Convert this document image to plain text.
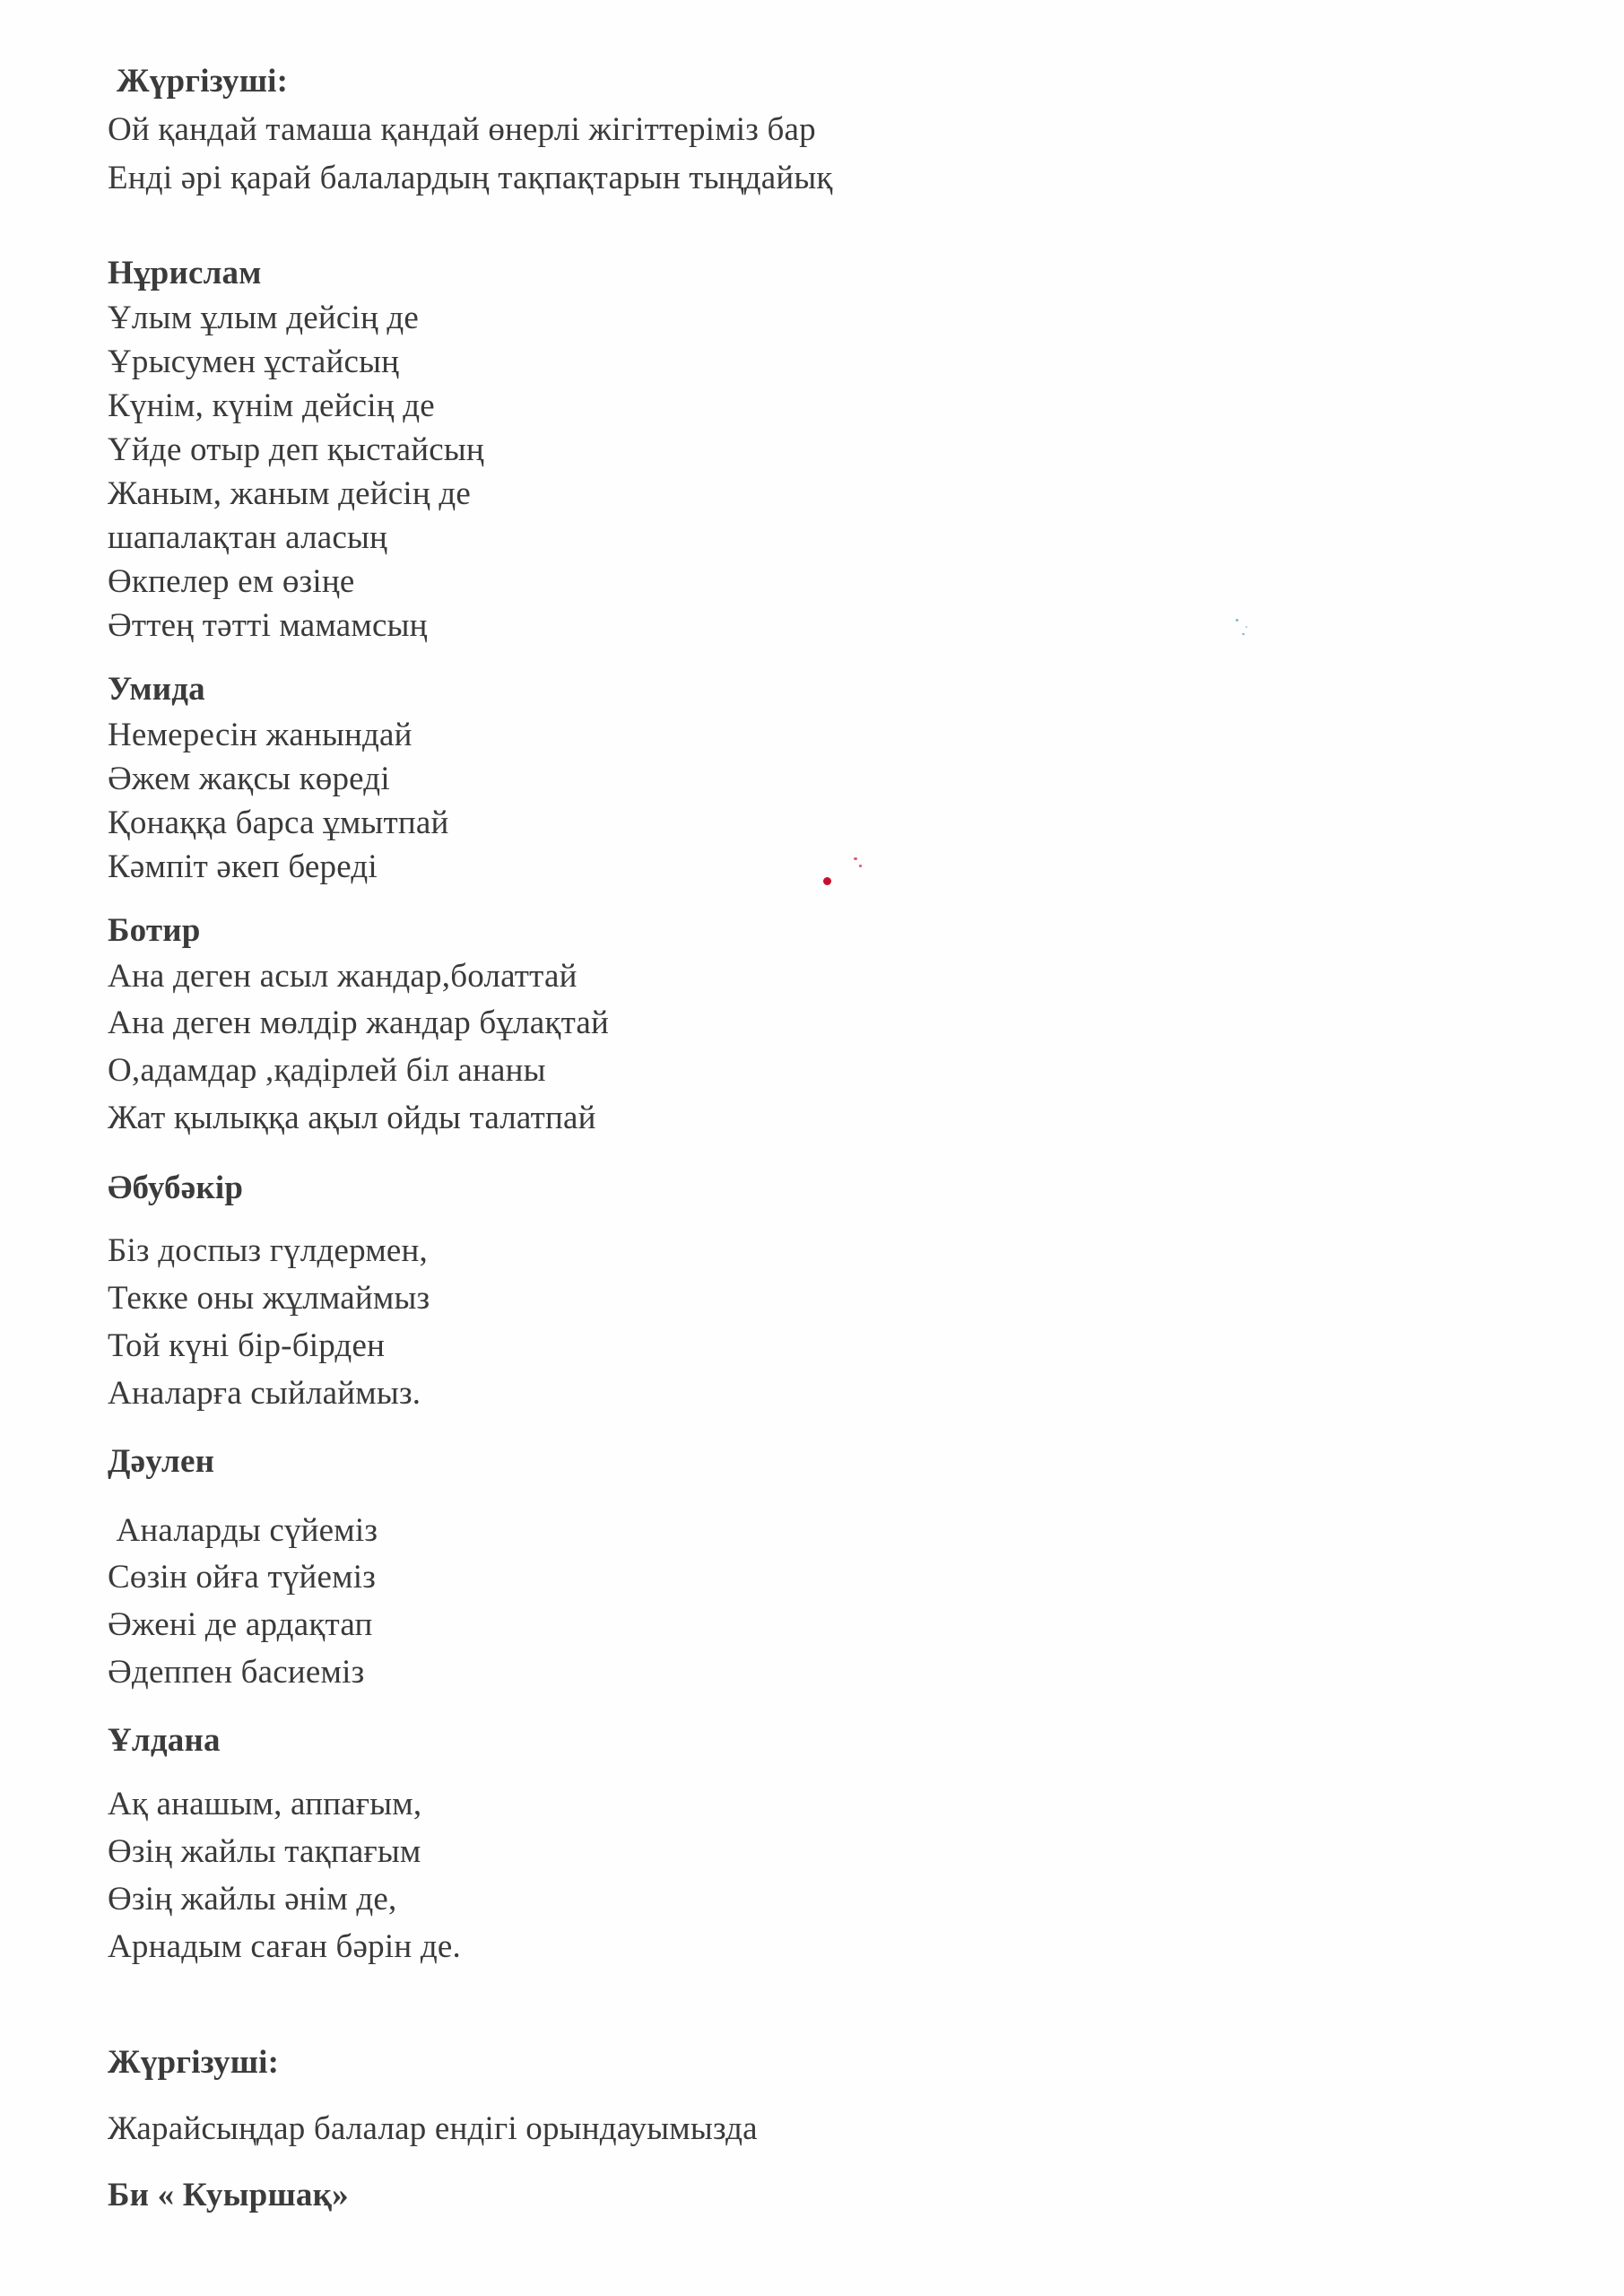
Жүргізуші:
Ой қандай тамаша қандай өнерлі жігіттеріміз бар
Енді әрі қарай балалардың тақпақтарын тыңдайық
Нұрислам
Ұлым ұлым дейсің де
Ұрысумен ұстайсың
Күнім, күнім дейсің де
Үйде отыр деп қыстайсың
Жаным, жаным дейсің де
шапалақтан аласың
Өкпелер ем өзіңе
Әттең тәтті мамамсың
Умида
Немересін жанындай
Әжем жақсы көреді
Қонаққа барса ұмытпай
Кәмпіт әкеп береді
Ботир
Ана деген асыл жандар,болаттай
Ана деген мөлдір жандар бұлақтай
О,адамдар ,қадірлей біл ананы
Жат қылыққа ақыл ойды талатпай
Әбубәкір
Біз доспыз гүлдермен,
Текке оны жұлмаймыз
Той күні бір-бірден
Аналарға сыйлаймыз.
Дәулен
Аналарды сүйеміз
Сөзін ойға түйеміз
Әжені де ардақтап
Әдеппен басиеміз
Ұлдана
Ақ анашым, аппағым,
Өзің жайлы тақпағым
Өзің жайлы әнім де,
Арнадым саған бәрін де.
Жүргізуші:
Жарайсыңдар балалар ендігі орындауымызда
Би « Куыршақ»
